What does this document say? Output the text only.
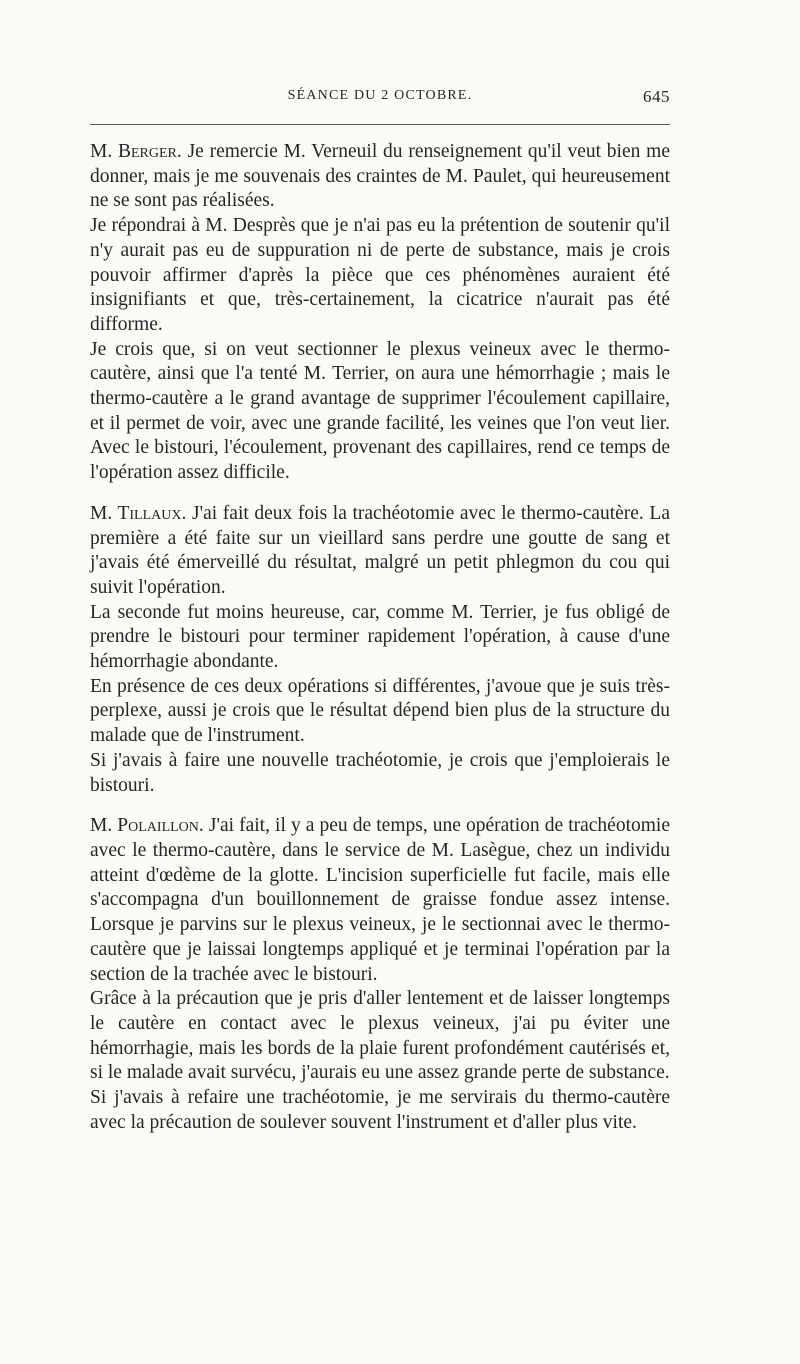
SÉANCE DU 2 OCTOBRE.	645

M. Berger. Je remercie M. Verneuil du renseignement qu'il veut bien me donner, mais je me souvenais des craintes de M. Paulet, qui heureusement ne se sont pas réalisées.

Je répondrai à M. Desprès que je n'ai pas eu la prétention de soutenir qu'il n'y aurait pas eu de suppuration ni de perte de substance, mais je crois pouvoir affirmer d'après la pièce que ces phénomènes auraient été insignifiants et que, très-certainement, la cicatrice n'aurait pas été difforme.

Je crois que, si on veut sectionner le plexus veineux avec le thermo-cautère, ainsi que l'a tenté M. Terrier, on aura une hémorrhagie ; mais le thermo-cautère a le grand avantage de supprimer l'écoulement capillaire, et il permet de voir, avec une grande facilité, les veines que l'on veut lier. Avec le bistouri, l'écoulement, provenant des capillaires, rend ce temps de l'opération assez difficile.

M. Tillaux. J'ai fait deux fois la trachéotomie avec le thermo-cautère. La première a été faite sur un vieillard sans perdre une goutte de sang et j'avais été émerveillé du résultat, malgré un petit phlegmon du cou qui suivit l'opération.

La seconde fut moins heureuse, car, comme M. Terrier, je fus obligé de prendre le bistouri pour terminer rapidement l'opération, à cause d'une hémorrhagie abondante.

En présence de ces deux opérations si différentes, j'avoue que je suis très-perplexe, aussi je crois que le résultat dépend bien plus de la structure du malade que de l'instrument.

Si j'avais à faire une nouvelle trachéotomie, je crois que j'emploierais le bistouri.

M. Polaillon. J'ai fait, il y a peu de temps, une opération de trachéotomie avec le thermo-cautère, dans le service de M. Lasègue, chez un individu atteint d'œdème de la glotte. L'incision superficielle fut facile, mais elle s'accompagna d'un bouillonnement de graisse fondue assez intense. Lorsque je parvins sur le plexus veineux, je le sectionnai avec le thermo-cautère que je laissai longtemps appliqué et je terminai l'opération par la section de la trachée avec le bistouri.

Grâce à la précaution que je pris d'aller lentement et de laisser longtemps le cautère en contact avec le plexus veineux, j'ai pu éviter une hémorrhagie, mais les bords de la plaie furent profondément cautérisés et, si le malade avait survécu, j'aurais eu une assez grande perte de substance.

Si j'avais à refaire une trachéotomie, je me servirais du thermo-cautère avec la précaution de soulever souvent l'instrument et d'aller plus vite.
